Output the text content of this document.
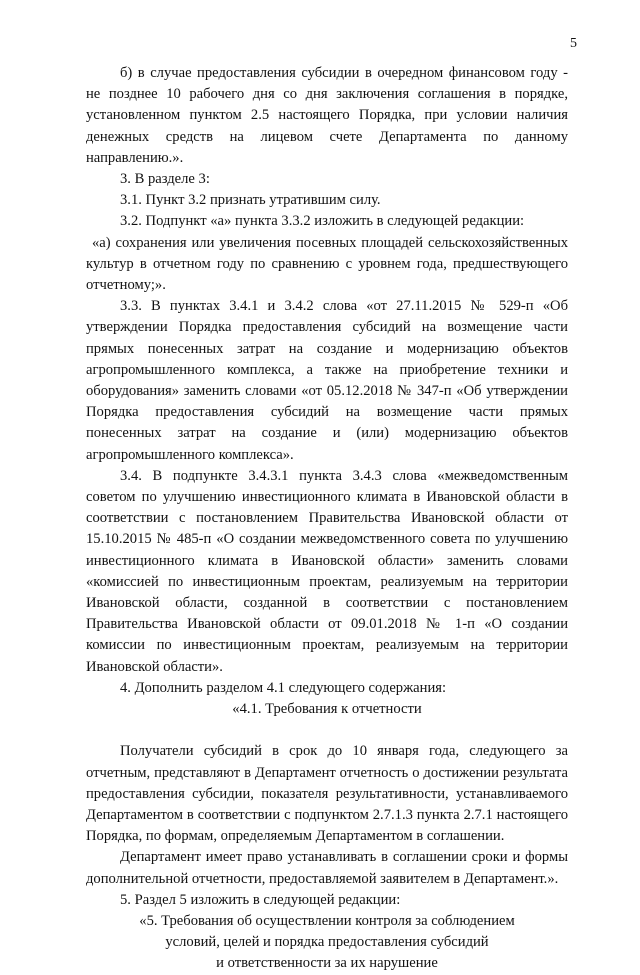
5

б) в случае предоставления субсидии в очередном финансовом году - не позднее 10 рабочего дня со дня заключения соглашения в порядке, установленном пунктом 2.5 настоящего Порядка, при условии наличия денежных средств на лицевом счете Департамента по данному направлению.».

3. В разделе 3:

3.1. Пункт 3.2 признать утратившим силу.

3.2. Подпункт «а» пункта 3.3.2 изложить в следующей редакции:

«а) сохранения или увеличения посевных площадей сельскохозяйственных культур в отчетном году по сравнению с уровнем года, предшествующего отчетному;».

3.3. В пунктах 3.4.1 и 3.4.2 слова «от 27.11.2015 № 529-п «Об утверждении Порядка предоставления субсидий на возмещение части прямых понесенных затрат на создание и модернизацию объектов агропромышленного комплекса, а также на приобретение техники и оборудования» заменить словами «от 05.12.2018 № 347-п «Об утверждении Порядка предоставления субсидий на возмещение части прямых понесенных затрат на создание и (или) модернизацию объектов агропромышленного комплекса».

3.4. В подпункте 3.4.3.1 пункта 3.4.3 слова «межведомственным советом по улучшению инвестиционного климата в Ивановской области в соответствии с постановлением Правительства Ивановской области от 15.10.2015 № 485-п «О создании межведомственного совета по улучшению инвестиционного климата в Ивановской области» заменить словами «комиссией по инвестиционным проектам, реализуемым на территории Ивановской области, созданной в соответствии с постановлением Правительства Ивановской области от 09.01.2018 № 1-п «О создании комиссии по инвестиционным проектам, реализуемым на территории Ивановской области».

4. Дополнить разделом 4.1 следующего содержания:

«4.1. Требования к отчетности

Получатели субсидий в срок до 10 января года, следующего за отчетным, представляют в Департамент отчетность о достижении результата предоставления субсидии, показателя результативности, устанавливаемого Департаментом в соответствии с подпунктом 2.7.1.3 пункта 2.7.1 настоящего Порядка, по формам, определяемым Департаментом в соглашении.

Департамент имеет право устанавливать в соглашении сроки и формы дополнительной отчетности, предоставляемой заявителем в Департамент.».

5. Раздел 5 изложить в следующей редакции:

«5. Требования об осуществлении контроля за соблюдением

условий, целей и порядка предоставления субсидий

и ответственности за их нарушение
